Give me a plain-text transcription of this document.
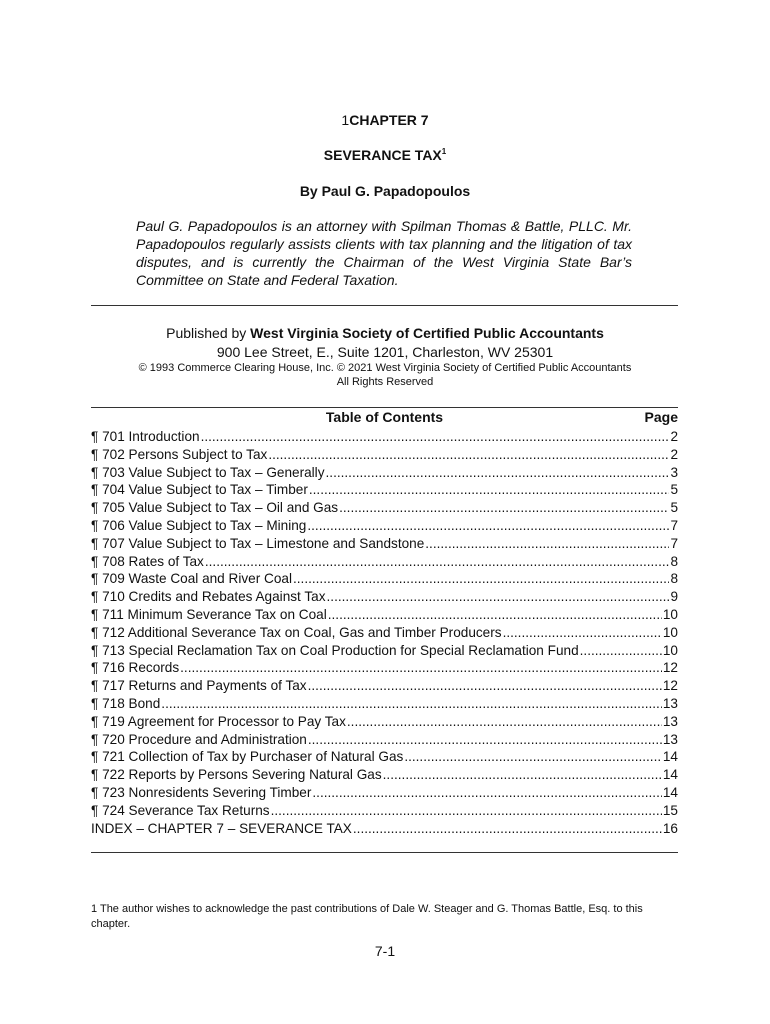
1CHAPTER 7
SEVERANCE TAX$^1$
By Paul G. Papadopoulos
Paul G. Papadopoulos is an attorney with Spilman Thomas & Battle, PLLC. Mr. Papadopoulos regularly assists clients with tax planning and the litigation of tax disputes, and is currently the Chairman of the West Virginia State Bar’s Committee on State and Federal Taxation.
Published by West Virginia Society of Certified Public Accountants
900 Lee Street, E., Suite 1201, Charleston, WV 25301
© 1993 Commerce Clearing House, Inc. © 2021 West Virginia Society of Certified Public Accountants
All Rights Reserved
Table of Contents	Page
¶ 701 Introduction .....	2
¶ 702 Persons Subject to Tax .....	2
¶ 703 Value Subject to Tax – Generally .....	3
¶ 704 Value Subject to Tax – Timber .....	5
¶ 705 Value Subject to Tax – Oil and Gas .....	5
¶ 706 Value Subject to Tax – Mining .....	7
¶ 707 Value Subject to Tax – Limestone and Sandstone .....	7
¶ 708 Rates of Tax .....	8
¶ 709 Waste Coal and River Coal .....	8
¶ 710 Credits and Rebates Against Tax .....	9
¶ 711 Minimum Severance Tax on Coal .....	10
¶ 712 Additional Severance Tax on Coal, Gas and Timber Producers .....	10
¶ 713 Special Reclamation Tax on Coal Production for Special Reclamation Fund .....	10
¶ 716 Records .....	12
¶ 717 Returns and Payments of Tax .....	12
¶ 718 Bond .....	13
¶ 719 Agreement for Processor to Pay Tax .....	13
¶ 720 Procedure and Administration .....	13
¶ 721 Collection of Tax by Purchaser of Natural Gas .....	14
¶ 722 Reports by Persons Severing Natural Gas .....	14
¶ 723 Nonresidents Severing Timber .....	14
¶ 724 Severance Tax Returns .....	15
INDEX – CHAPTER 7 – SEVERANCE TAX .....	16
1 The author wishes to acknowledge the past contributions of Dale W. Steager and G. Thomas Battle, Esq. to this chapter.
7-1
